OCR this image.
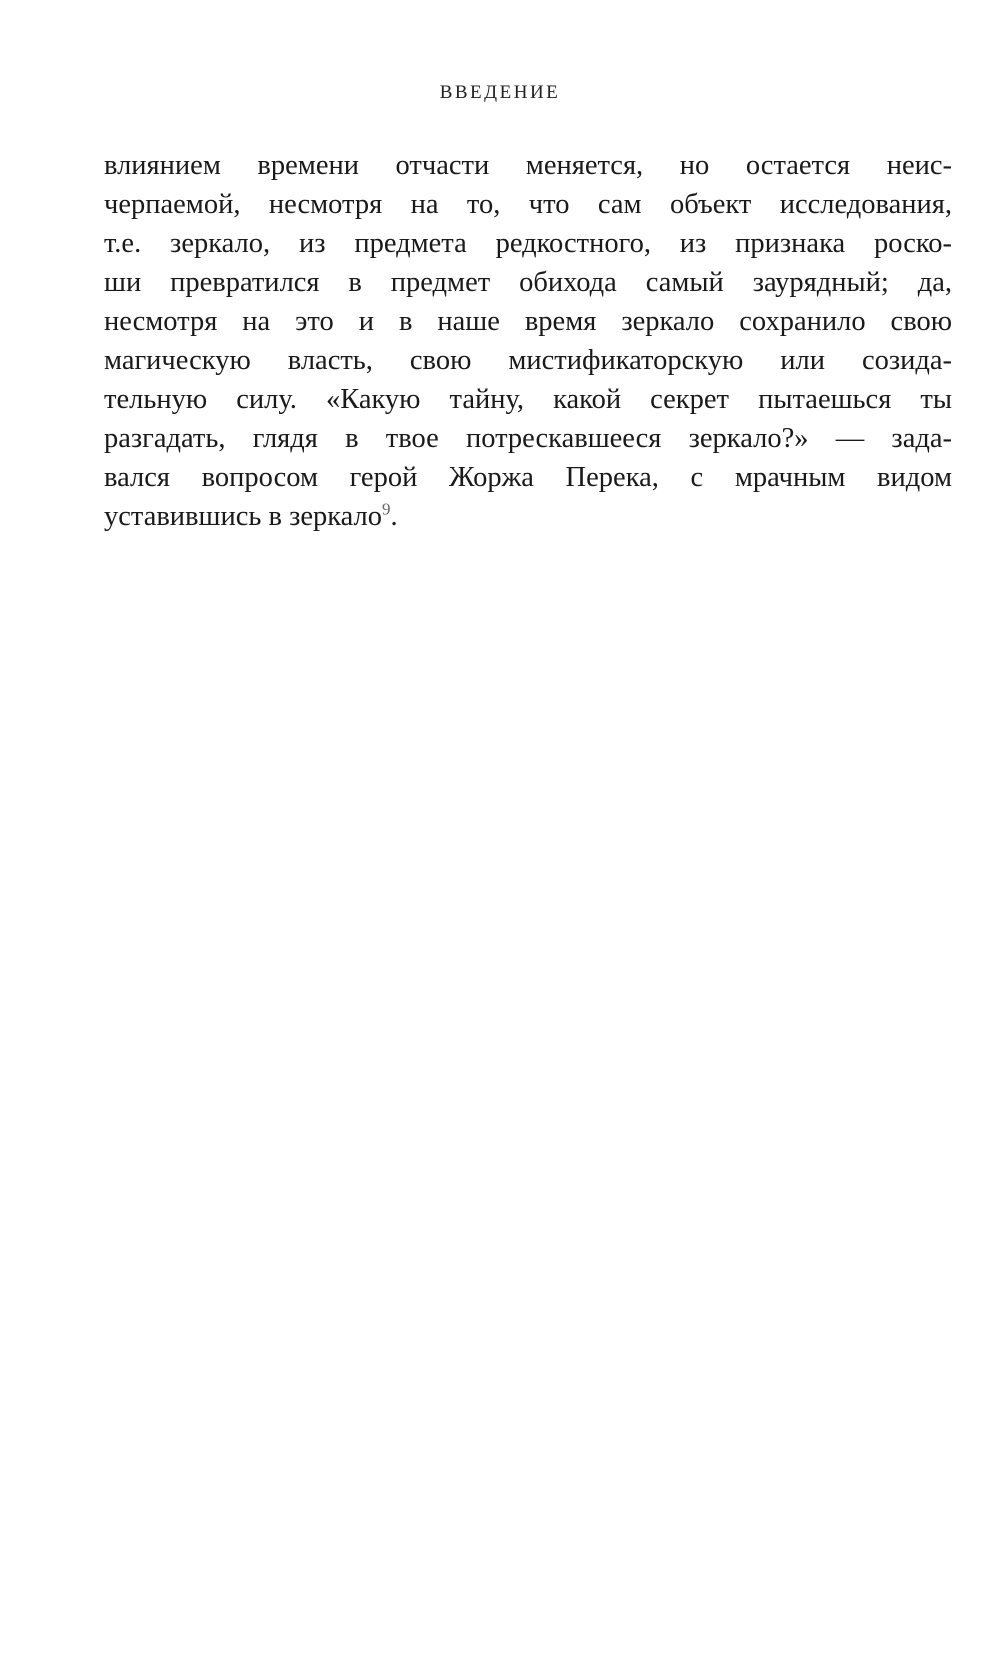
ВВЕДЕНИЕ
влиянием времени отчасти меняется, но остается неис-
черпаемой, несмотря на то, что сам объект исследования,
т.е. зеркало, из предмета редкостного, из признака роско-
ши превратился в предмет обихода самый заурядный; да,
несмотря на это и в наше время зеркало сохранило свою
магическую власть, свою мистификаторскую или созида-
тельную силу. «Какую тайну, какой секрет пытаешься ты
разгадать, глядя в твое потрескавшееся зеркало?» — зада-
вался вопросом герой Жоржа Перека, с мрачным видом
уставившись в зеркало$^9$.
